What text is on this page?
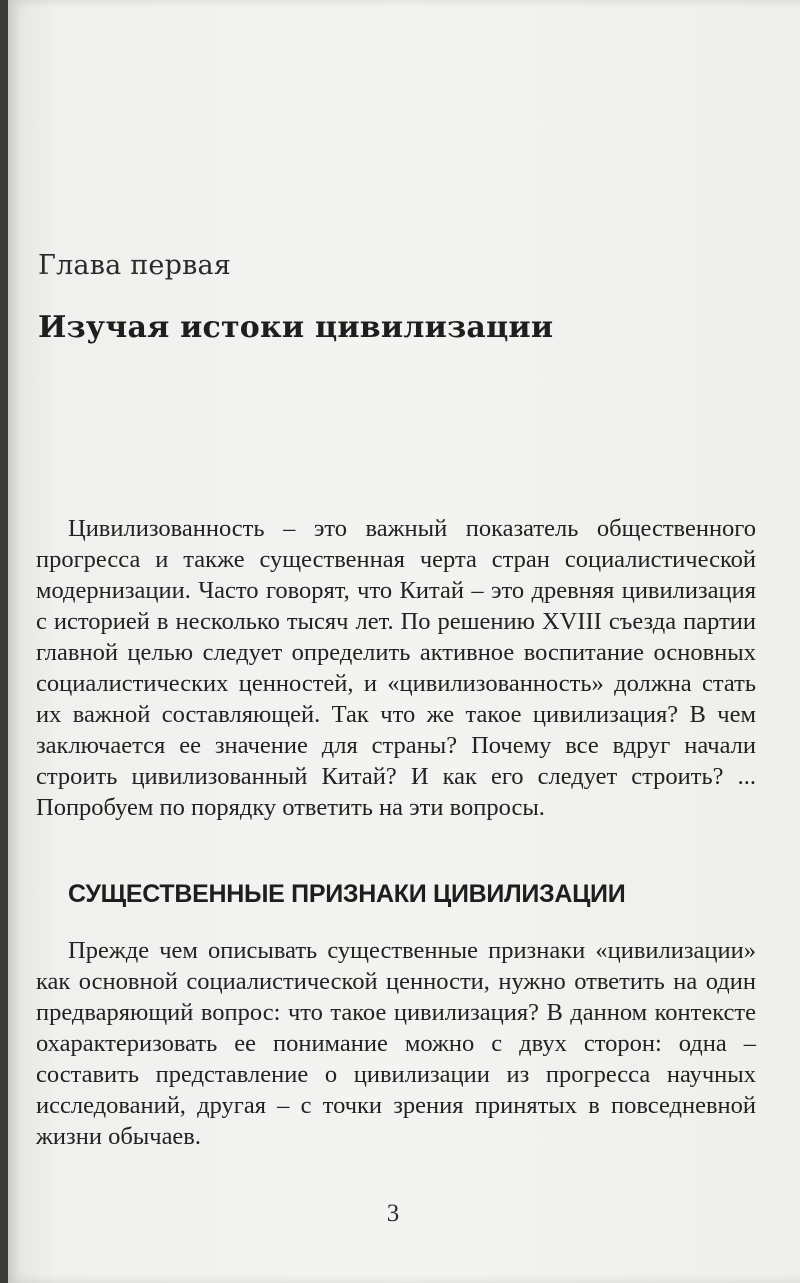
Глава первая
Изучая истоки цивилизации

Цивилизованность – это важный показатель общественного прогресса и также существенная черта стран социалистической модернизации. Часто говорят, что Китай – это древняя цивилизация с историей в несколько тысяч лет. По решению XVIII съезда партии главной целью следует определить активное воспитание основных социалистических ценностей, и «цивилизованность» должна стать их важной составляющей. Так что же такое цивилизация? В чем заключается ее значение для страны? Почему все вдруг начали строить цивилизованный Китай? И как его следует строить? ... Попробуем по порядку ответить на эти вопросы.

СУЩЕСТВЕННЫЕ ПРИЗНАКИ ЦИВИЛИЗАЦИИ

Прежде чем описывать существенные признаки «цивилизации» как основной социалистической ценности, нужно ответить на один предваряющий вопрос: что такое цивилизация? В данном контексте охарактеризовать ее понимание можно с двух сторон: одна – составить представление о цивилизации из прогресса научных исследований, другая – с точки зрения принятых в повседневной жизни обычаев.

3
